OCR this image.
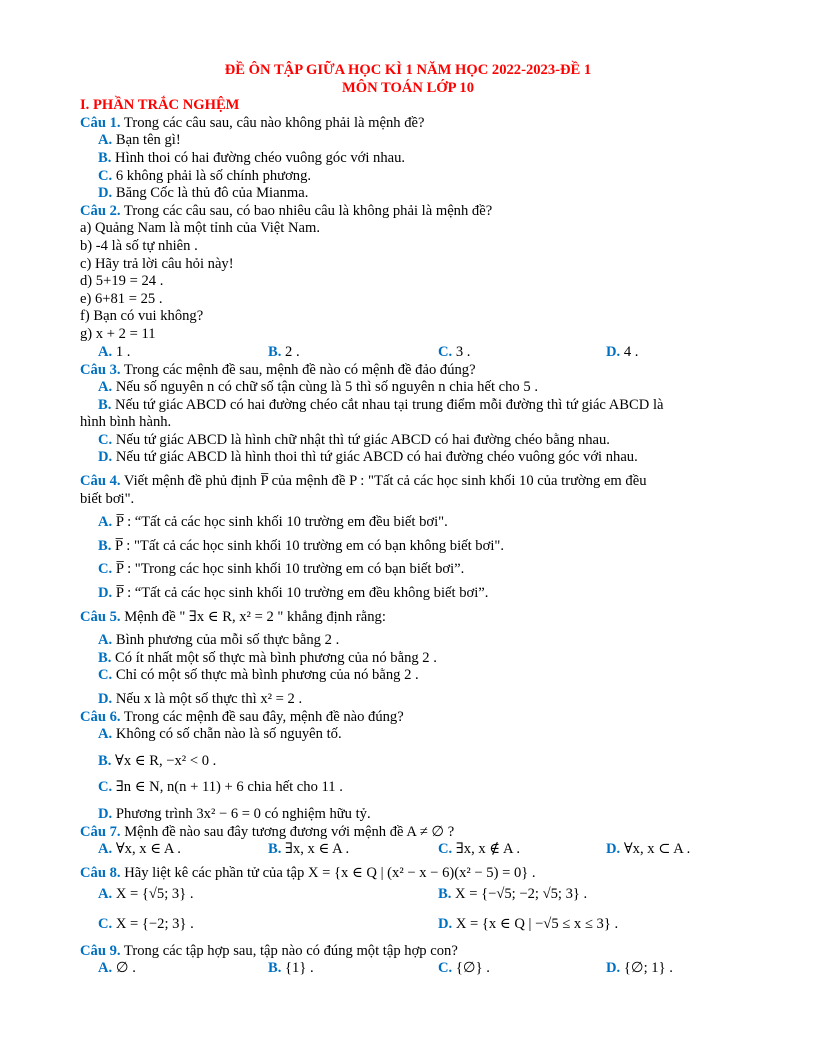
ĐỀ ÔN TẬP GIỮA HỌC KÌ 1 NĂM HỌC 2022-2023-ĐỀ 1
MÔN TOÁN LỚP 10
I. PHẦN TRẮC NGHỆM
Câu 1. Trong các câu sau, câu nào không phải là mệnh đề?
A. Bạn tên gì!
B. Hình thoi có hai đường chéo vuông góc với nhau.
C. 6 không phải là số chính phương.
D. Băng Cốc là thủ đô của Mianma.
Câu 2. Trong các câu sau, có bao nhiêu câu là không phải là mệnh đề?
a) Quảng Nam là một tỉnh của Việt Nam.
b) -4 là số tự nhiên .
c) Hãy trả lời câu hỏi này!
d) 5+19 = 24 .
e) 6+81 = 25 .
f) Bạn có vui không?
g) x + 2 = 11
A. 1 .	B. 2 .	C. 3 .	D. 4 .
Câu 3. Trong các mệnh đề sau, mệnh đề nào có mệnh đề đảo đúng?
A. Nếu số nguyên n có chữ số tận cùng là 5 thì số nguyên n chia hết cho 5 .
B. Nếu tứ giác ABCD có hai đường chéo cắt nhau tại trung điểm mỗi đường thì tứ giác ABCD là
hình bình hành.
C. Nếu tứ giác ABCD là hình chữ nhật thì tứ giác ABCD có hai đường chéo bằng nhau.
D. Nếu tứ giác ABCD là hình thoi thì tứ giác ABCD có hai đường chéo vuông góc với nhau.
Câu 4. Viết mệnh đề phủ định P̅ của mệnh đề P : "Tất cả các học sinh khối 10 của trường em đều
biết bơi".
A. P̅ : “Tất cả các học sinh khối 10 trường em đều biết bơi".
B. P̅ : "Tất cả các học sinh khối 10 trường em có bạn không biết bơi".
C. P̅ : "Trong các học sinh khối 10 trường em có bạn biết bơi”.
D. P̅ : “Tất cả các học sinh khối 10 trường em đều không biết bơi”.
Câu 5. Mệnh đề " ∃x ∈ R, x² = 2 " khẳng định rằng:
A. Bình phương của mỗi số thực bằng 2 .
B. Có ít nhất một số thực mà bình phương của nó bằng 2 .
C. Chỉ có một số thực mà bình phương của nó bằng 2 .
D. Nếu x là một số thực thì x² = 2 .
Câu 6. Trong các mệnh đề sau đây, mệnh đề nào đúng?
A. Không có số chẵn nào là số nguyên tố.
B. ∀x ∈ R, −x² < 0 .
C. ∃n ∈ N, n(n + 11) + 6 chia hết cho 11 .
D. Phương trình 3x² − 6 = 0 có nghiệm hữu tỷ.
Câu 7. Mệnh đề nào sau đây tương đương với mệnh đề A ≠ ∅ ?
A. ∀x, x ∈ A .	B. ∃x, x ∈ A .	C. ∃x, x ∉ A .	D. ∀x, x ⊂ A .
Câu 8. Hãy liệt kê các phần tử của tập X = {x ∈ Q | (x² − x − 6)(x² − 5) = 0} .
A. X = {√5; 3} .	B. X = {−√5; −2; √5; 3} .
C. X = {−2; 3} .	D. X = {x ∈ Q | −√5 ≤ x ≤ 3} .
Câu 9. Trong các tập hợp sau, tập nào có đúng một tập hợp con?
A. ∅ .	B. {1} .	C. {∅} .	D. {∅; 1} .
